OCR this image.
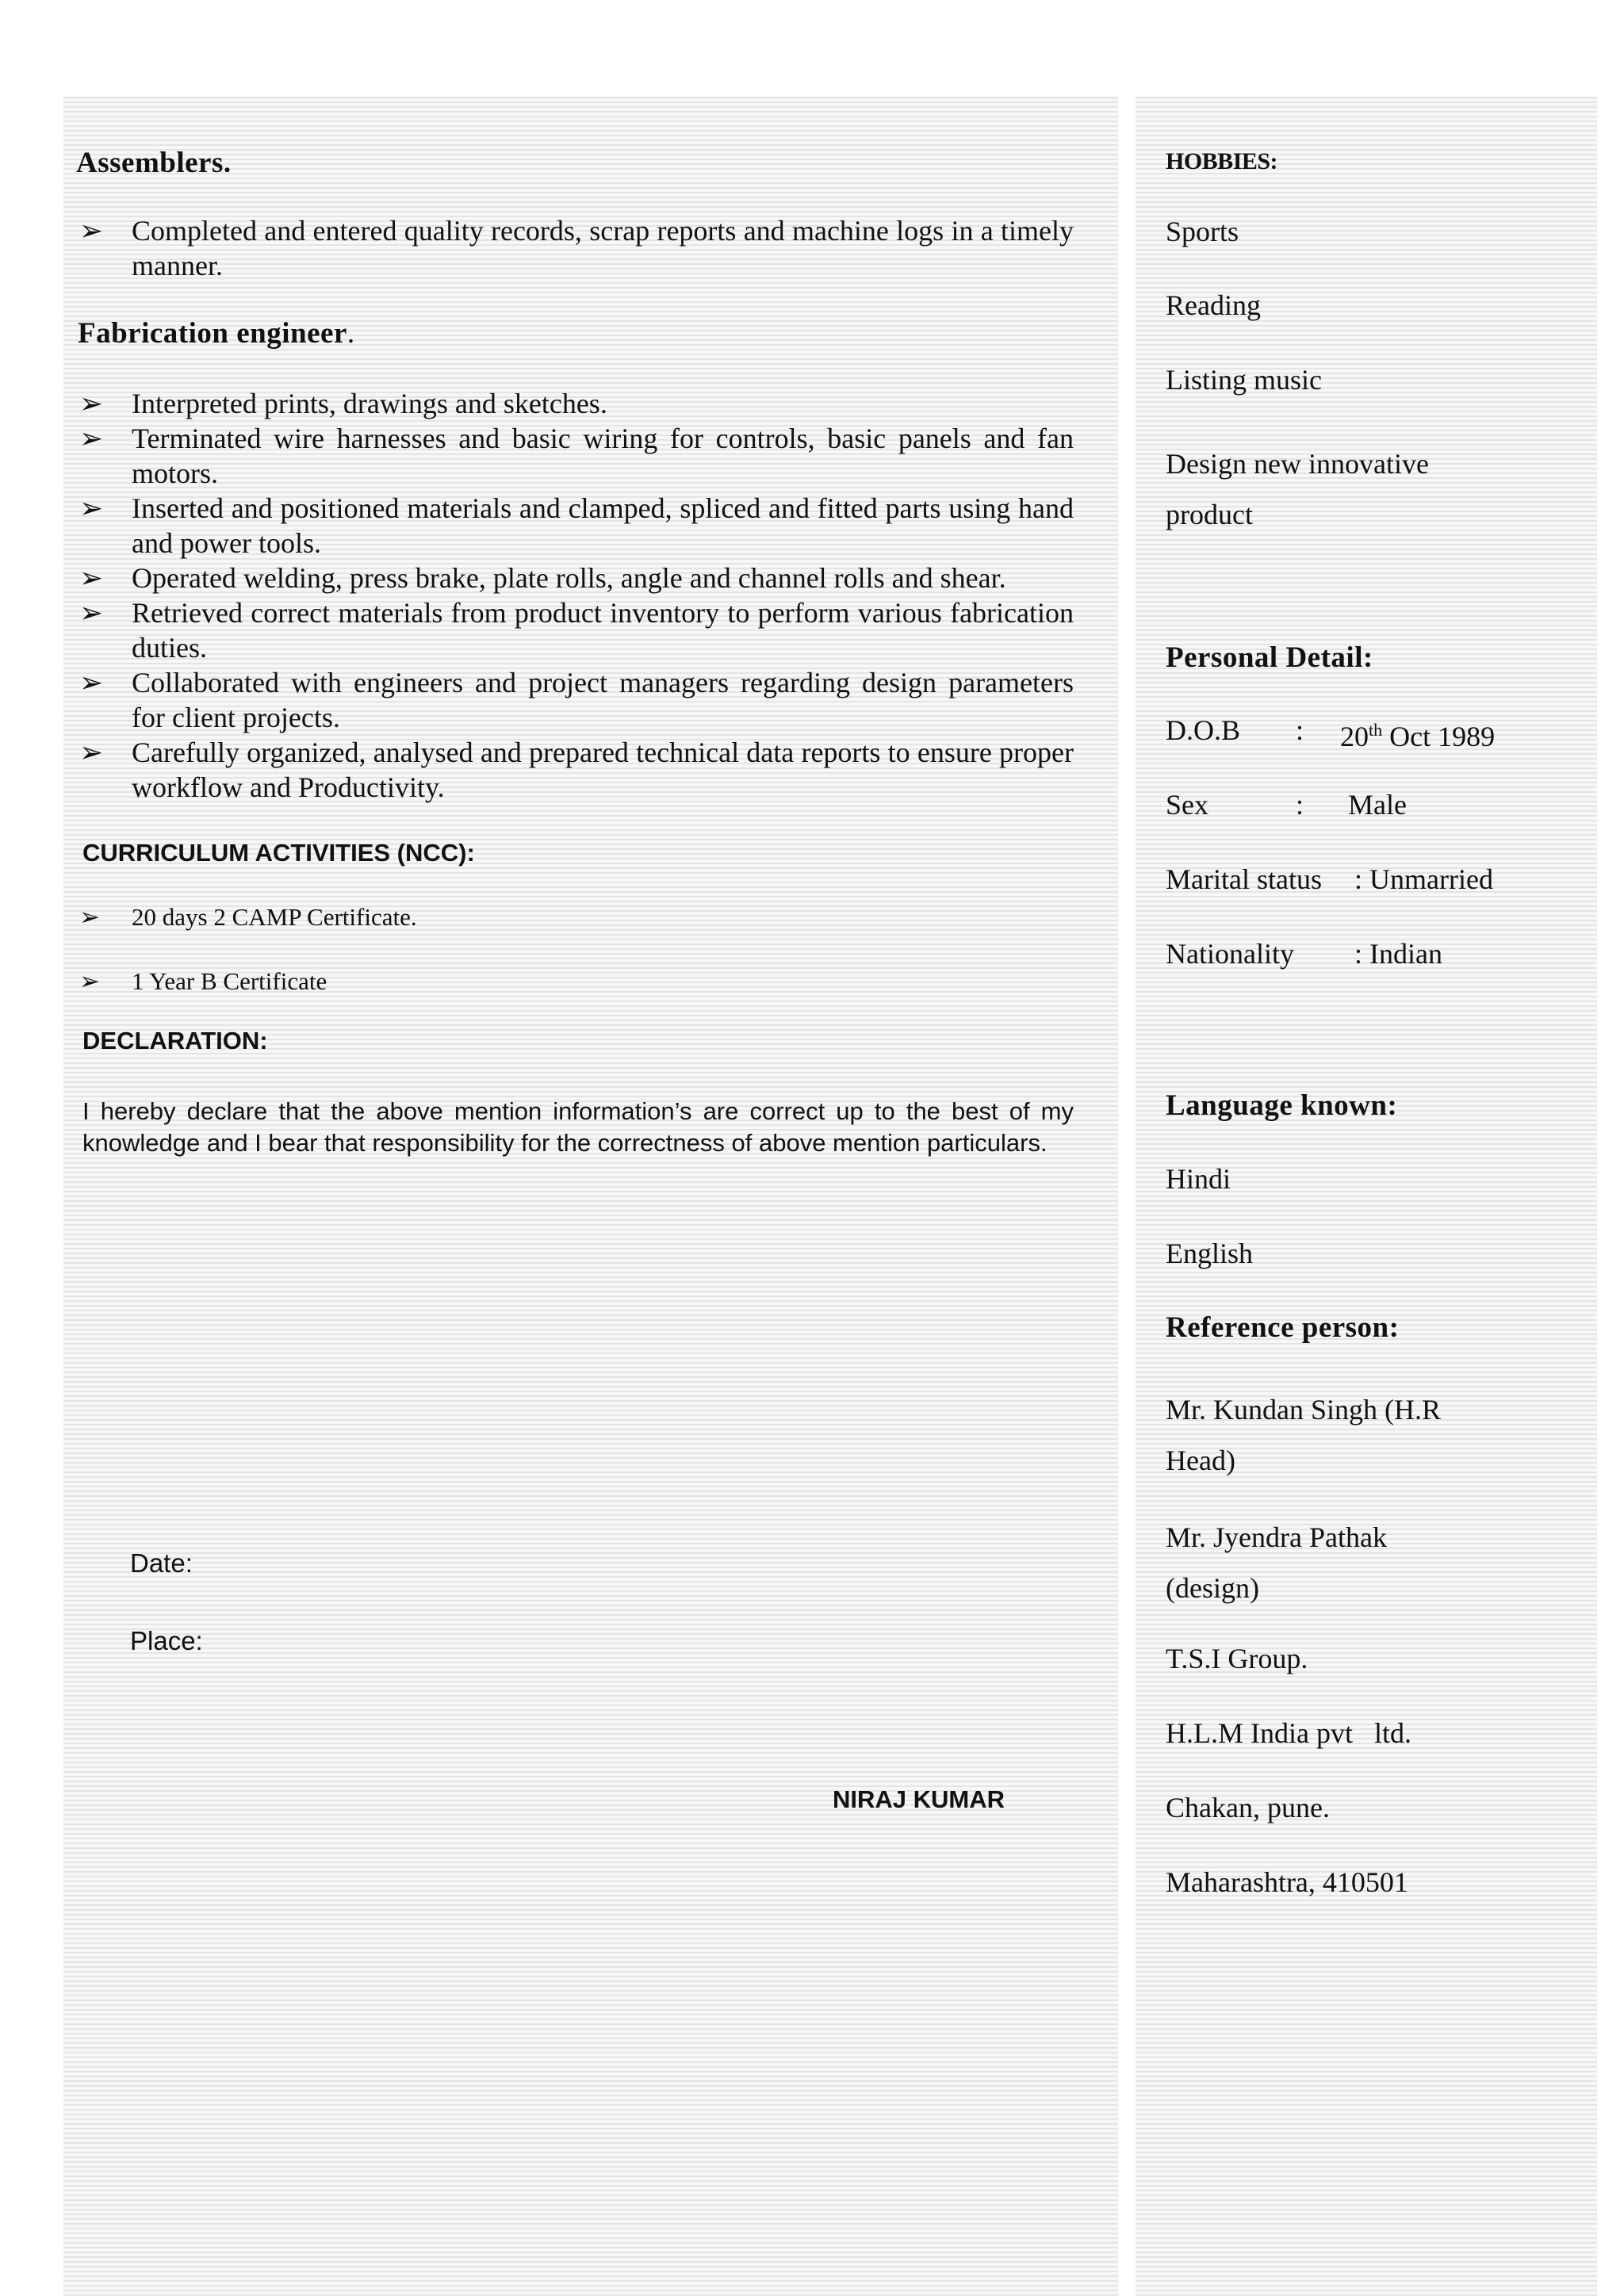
Assemblers.
➢ Completed and entered quality records, scrap reports and machine logs in a timely manner.
Fabrication engineer.
➢ Interpreted prints, drawings and sketches.
➢ Terminated wire harnesses and basic wiring for controls, basic panels and fan motors.
➢ Inserted and positioned materials and clamped, spliced and fitted parts using hand and power tools.
➢ Operated welding, press brake, plate rolls, angle and channel rolls and shear.
➢ Retrieved correct materials from product inventory to perform various fabrication duties.
➢ Collaborated with engineers and project managers regarding design parameters for client projects.
➢ Carefully organized, analysed and prepared technical data reports to ensure proper workflow and Productivity.
CURRICULUM ACTIVITIES (NCC):
➢ 20 days 2 CAMP Certificate.
➢ 1 Year B Certificate
DECLARATION:

I hereby declare that the above mention information’s are correct up to the best of my knowledge and I bear that responsibility for the correctness of above mention particulars.

Date:
Place:
NIRAJ KUMAR
HOBBIES:
Sports
Reading
Listing music
Design new innovative product
Personal Detail:
D.O.B : 20th Oct 1989
Sex	: Male
Marital status : Unmarried
Nationality : Indian
Language known:
Hindi
English
Reference person:
Mr. Kundan Singh (H.R Head)
Mr. Jyendra Pathak (design)
T.S.I Group.
H.L.M India pvt   ltd.
Chakan, pune.
Maharashtra, 410501
